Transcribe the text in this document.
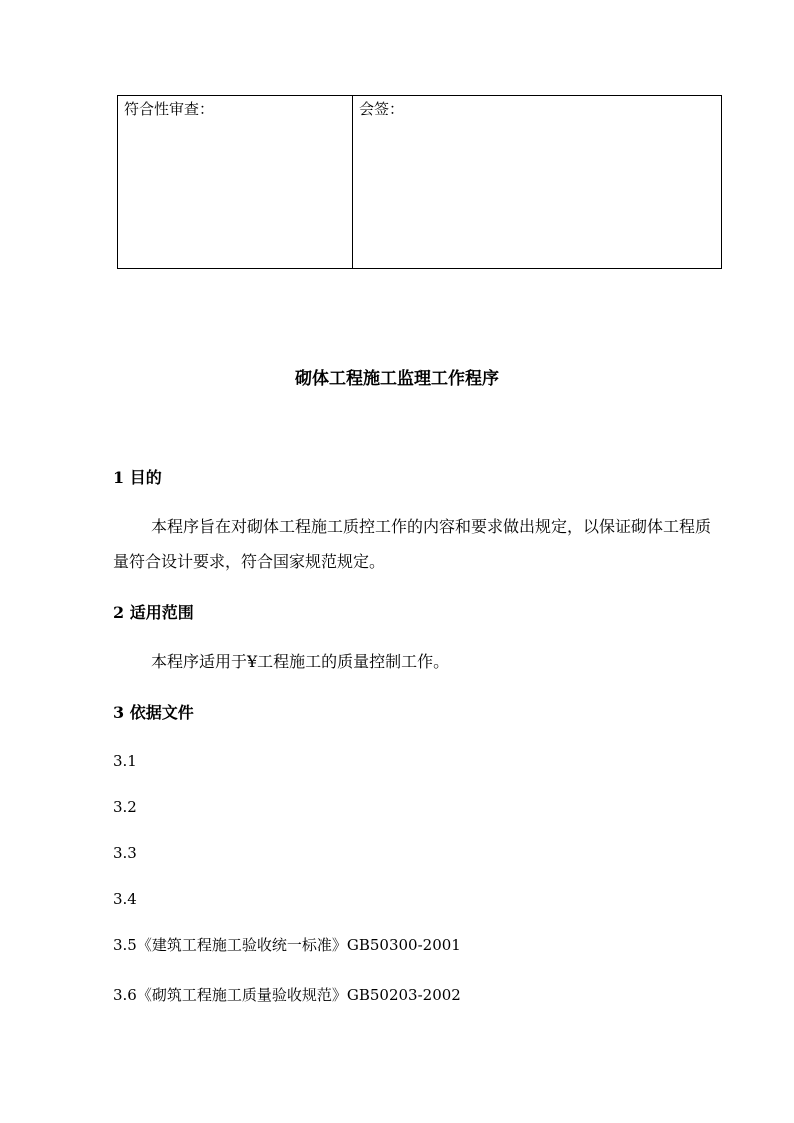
符合性审查：	会签：
砌体工程施工监理工作程序
1 目的
本程序旨在对砌体工程施工质控工作的内容和要求做出规定，以保证砌体工程质量符合设计要求，符合国家规范规定。
2 适用范围
本程序适用于¥工程施工的质量控制工作。
3 依据文件
3.1
3.2
3.3
3.4
3.5《建筑工程施工验收统一标准》GB50300-2001
3.6《砌筑工程施工质量验收规范》GB50203-2002
